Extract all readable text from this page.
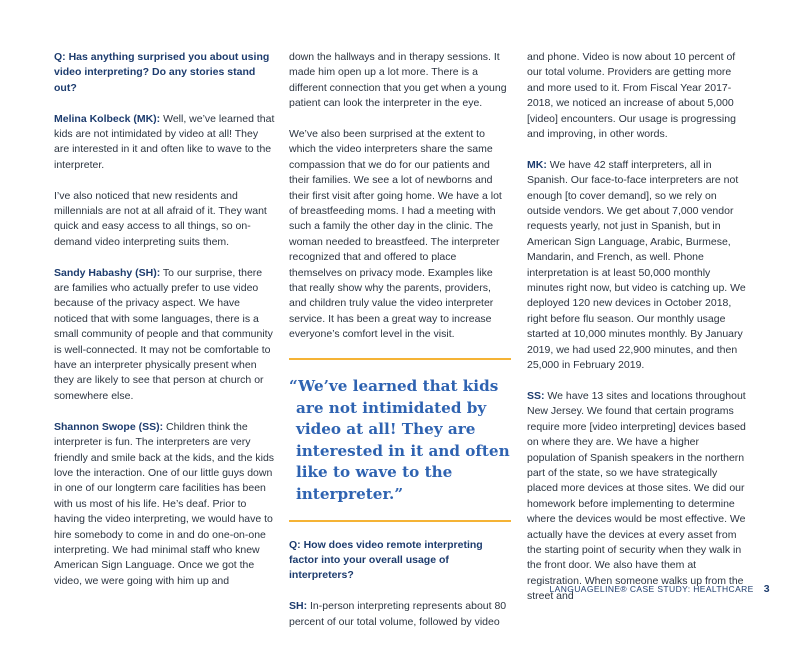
Q: Has anything surprised you about using video interpreting? Do any stories stand out?

Melina Kolbeck (MK): Well, we’ve learned that kids are not intimidated by video at all! They are interested in it and often like to wave to the interpreter.

I’ve also noticed that new residents and millennials are not at all afraid of it. They want quick and easy access to all things, so on-demand video interpreting suits them.

Sandy Habashy (SH): To our surprise, there are families who actually prefer to use video because of the privacy aspect. We have noticed that with some languages, there is a small community of people and that community is well-connected. It may not be comfortable to have an interpreter physically present when they are likely to see that person at church or somewhere else.

Shannon Swope (SS): Children think the interpreter is fun. The interpreters are very friendly and smile back at the kids, and the kids love the interaction. One of our little guys down in one of our longterm care facilities has been with us most of his life. He’s deaf. Prior to having the video interpreting, we would have to hire somebody to come in and do one-on-one interpreting. We had minimal staff who knew American Sign Language. Once we got the video, we were going with him up and

down the hallways and in therapy sessions. It made him open up a lot more. There is a different connection that you get when a young patient can look the interpreter in the eye.

We’ve also been surprised at the extent to which the video interpreters share the same compassion that we do for our patients and their families. We see a lot of newborns and their first visit after going home. We have a lot of breastfeeding moms. I had a meeting with such a family the other day in the clinic. The woman needed to breastfeed. The interpreter recognized that and offered to place themselves on privacy mode. Examples like that really show why the parents, providers, and children truly value the video interpreter service. It has been a great way to increase everyone’s comfort level in the visit.

“We’ve learned that kids are not intimidated by video at all! They are interested in it and often like to wave to the interpreter.”

Q: How does video remote interpreting factor into your overall usage of interpreters?

SH: In-person interpreting represents about 80 percent of our total volume, followed by video

and phone. Video is now about 10 percent of our total volume. Providers are getting more and more used to it. From Fiscal Year 2017-2018, we noticed an increase of about 5,000 [video] encounters. Our usage is progressing and improving, in other words.

MK: We have 42 staff interpreters, all in Spanish. Our face-to-face interpreters are not enough [to cover demand], so we rely on outside vendors. We get about 7,000 vendor requests yearly, not just in Spanish, but in American Sign Language, Arabic, Burmese, Mandarin, and French, as well. Phone interpretation is at least 50,000 monthly minutes right now, but video is catching up. We deployed 120 new devices in October 2018, right before flu season. Our monthly usage started at 10,000 minutes monthly. By January 2019, we had used 22,900 minutes, and then 25,000 in February 2019.

SS: We have 13 sites and locations throughout New Jersey. We found that certain programs require more [video interpreting] devices based on where they are. We have a higher population of Spanish speakers in the northern part of the state, so we have strategically placed more devices at those sites. We did our homework before implementing to determine where the devices would be most effective. We actually have the devices at every asset from the starting point of security when they walk in the front door. We also have them at registration. When someone walks up from the street and

LANGUAGELINE® CASE STUDY: HEALTHCARE 3
